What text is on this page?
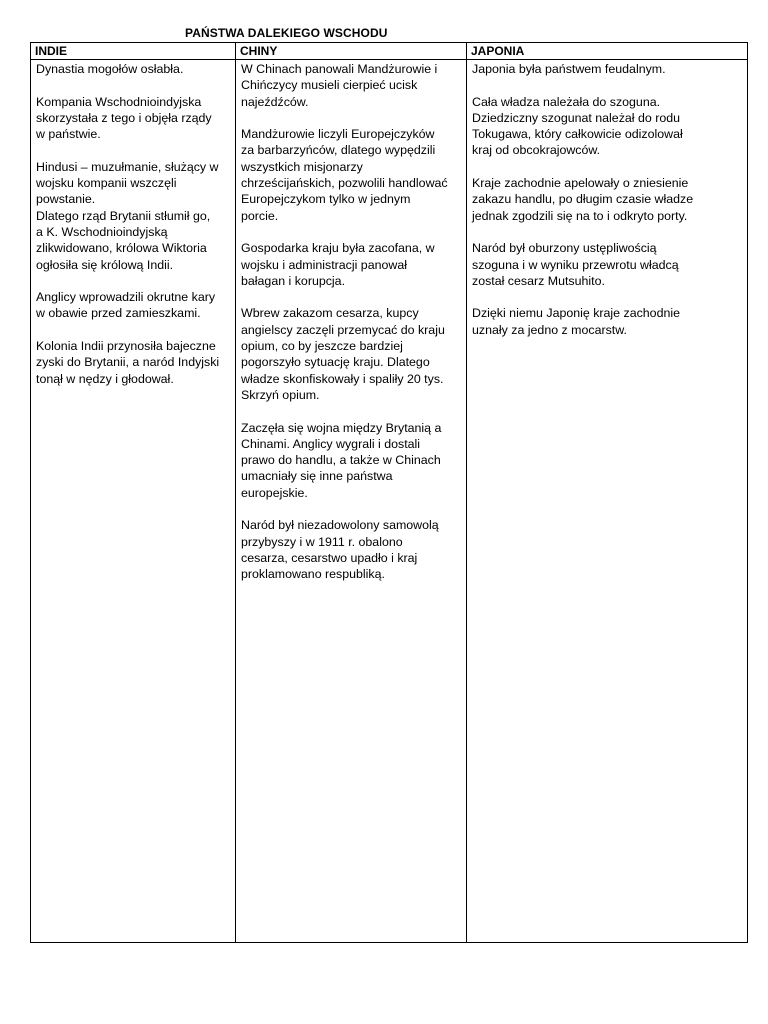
PAŃSTWA DALEKIEGO WSCHODU
INDIE

Dynastia mogołów osłabła.

Kompania Wschodnioindyjska
skorzystała z tego i objęła rządy
w państwie.

Hindusi – muzułmanie, służący w
wojsku kompanii wszczęli
powstanie.
Dlatego rząd Brytanii stłumił go,
a K. Wschodnioindyjską
zlikwidowano, królowa Wiktoria
ogłosiła się królową Indii.

Anglicy wprowadzili okrutne kary
w obawie przed zamieszkami.

Kolonia Indii przynosiła bajeczne
zyski do Brytanii, a naród Indyjski
tonął w nędzy i głodował.

CHINY

W Chinach panowali Mandżurowie i
Chińczycy musieli cierpieć ucisk
najeźdźców.

Mandżurowie liczyli Europejczyków
za barbarzyńców, dlatego wypędzili
wszystkich misjonarzy
chrześcijańskich, pozwolili handlować
Europejczykom tylko w jednym
porcie.

Gospodarka kraju była zacofana, w
wojsku i administracji panował
bałagan i korupcja.

Wbrew zakazom cesarza, kupcy
angielscy zaczęli przemycać do kraju
opium, co by jeszcze bardziej
pogorszyło sytuację kraju. Dlatego
władze skonfiskowały i spaliły 20 tys.
Skrzyń opium.

Zaczęła się wojna między Brytanią a
Chinami. Anglicy wygrali i dostali
prawo do handlu, a także w Chinach
umacniały się inne państwa
europejskie.

Naród był niezadowolony samowolą
przybyszy i w 1911 r. obalono
cesarza, cesarstwo upadło i kraj
proklamowano respubliką.

JAPONIA

Japonia była państwem feudalnym.

Cała władza należała do szoguna.
Dziedziczny szogunat należał do rodu
Tokugawa, który całkowicie odizolował
kraj od obcokrajowców.

Kraje zachodnie apelowały o zniesienie
zakazu handlu, po długim czasie władze
jednak zgodzili się na to i odkryto porty.

Naród był oburzony ustępliwością
szoguna i w wyniku przewrotu władcą
został cesarz Mutsuhito.

Dzięki niemu Japonię kraje zachodnie
uznały za jedno z mocarstw.
